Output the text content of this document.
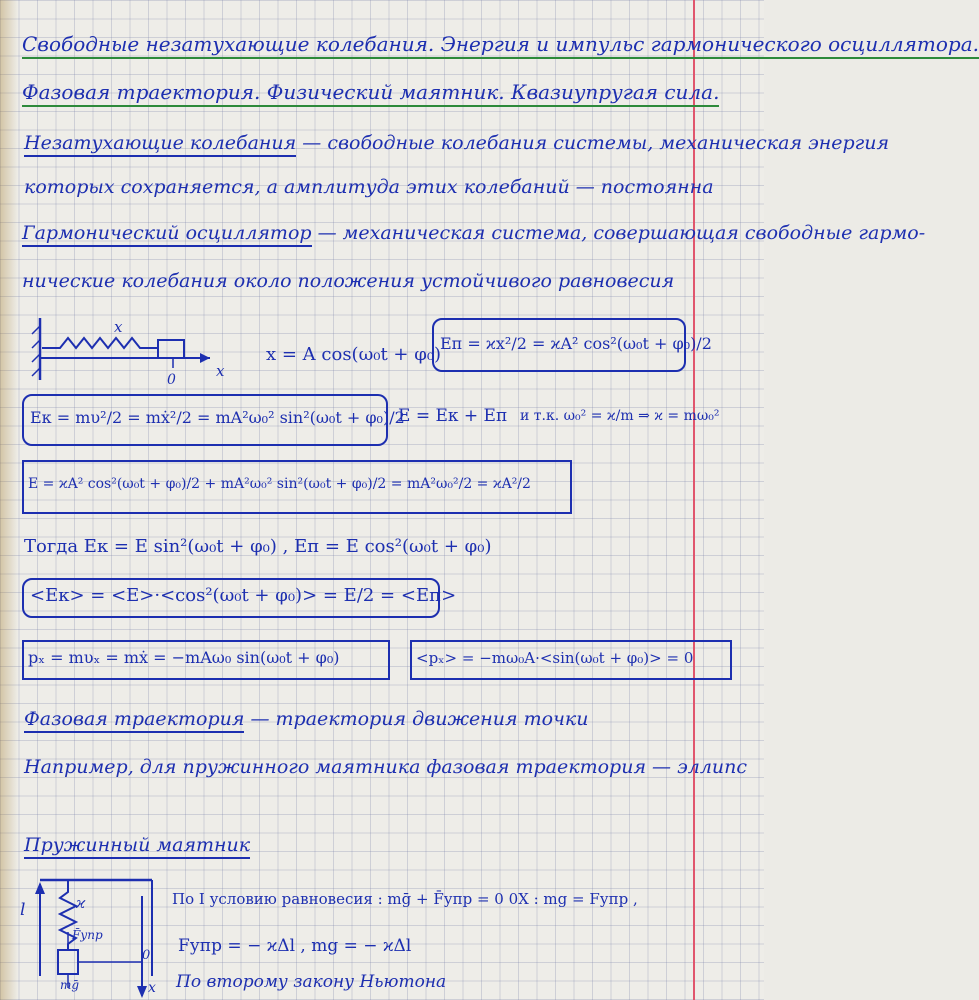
Свободные незатухающие колебания. Энергия и импульс гармонического осциллятора.
Фазовая траектория. Физический маятник. Квазиупругая сила.
Незатухающие колебания — свободные колебания системы, механическая энергия
которых сохраняется, а амплитуда этих колебаний — постоянна
Гармонический осциллятор — механическая система, совершающая свободные гармо-
нические колебания около положения устойчивого равновесия
x
0	x
x = A cos(ω₀t + φ₀)
Eп = ϰx²/2 = ϰA² cos²(ω₀t + φ₀)/2
Eк = mυ²/2 = mẋ²/2 = mA²ω₀² sin²(ω₀t + φ₀)/2
E = Eк + Eп и т.к. ω₀² = ϰ/m ⇒ ϰ = mω₀²
E = ϰA² cos²(ω₀t + φ₀)/2 + mA²ω₀² sin²(ω₀t + φ₀)/2 = mA²ω₀²/2 = ϰA²/2
Тогда Eк = E sin²(ω₀t + φ₀) , Eп = E cos²(ω₀t + φ₀)
<Eк> = <E>·<cos²(ω₀t + φ₀)> = E/2 = <Eп>
pₓ = mυₓ = mẋ = −mAω₀ sin(ω₀t + φ₀)	<pₓ> = −mω₀A·<sin(ω₀t + φ₀)> = 0
Фазовая траектория — траектория движения точки
Например, для пружинного маятника фазовая траектория — эллипс
Пружинный маятник
l	ϰ
F̄упр
mḡ
0
x
По I условию равновесия : mḡ + F̄упр = 0 0X : mg = Fупр ,
Fупр = − ϰΔl , mg = − ϰΔl
По второму закону Ньютона
